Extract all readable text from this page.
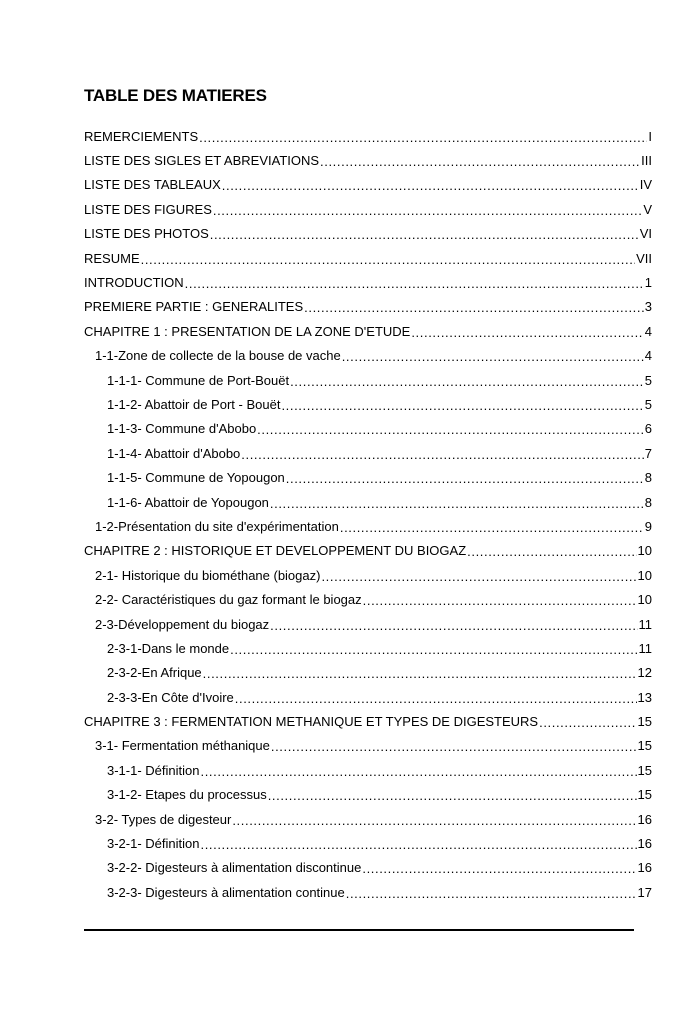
TABLE DES MATIERES
REMERCIEMENTS .....	I
LISTE DES SIGLES ET ABREVIATIONS .....	III
LISTE DES TABLEAUX .....	IV
LISTE DES FIGURES .....	V
LISTE DES PHOTOS .....	VI
RESUME .....	VII
INTRODUCTION .....	1
PREMIERE PARTIE : GENERALITES .....	3
CHAPITRE 1 : PRESENTATION DE LA ZONE D'ETUDE .....	4
1-1-Zone de collecte de la bouse de vache .....	4
1-1-1- Commune de Port-Bouët .....	5
1-1-2- Abattoir de Port - Bouët .....	5
1-1-3- Commune d'Abobo .....	6
1-1-4- Abattoir d'Abobo .....	7
1-1-5- Commune de Yopougon .....	8
1-1-6- Abattoir de Yopougon .....	8
1-2-Présentation du site d'expérimentation .....	9
CHAPITRE 2 : HISTORIQUE ET DEVELOPPEMENT DU BIOGAZ .....	10
2-1- Historique du biométhane (biogaz) .....	10
2-2- Caractéristiques du gaz formant le biogaz .....	10
2-3-Développement du biogaz .....	11
2-3-1-Dans le monde .....	11
2-3-2-En Afrique .....	12
2-3-3-En Côte d'Ivoire .....	13
CHAPITRE 3 : FERMENTATION METHANIQUE ET TYPES DE DIGESTEURS .....	15
3-1- Fermentation méthanique .....	15
3-1-1- Définition .....	15
3-1-2- Etapes du processus .....	15
3-2- Types de digesteur .....	16
3-2-1- Définition .....	16
3-2-2- Digesteurs à alimentation discontinue .....	16
3-2-3- Digesteurs à alimentation continue .....	17
